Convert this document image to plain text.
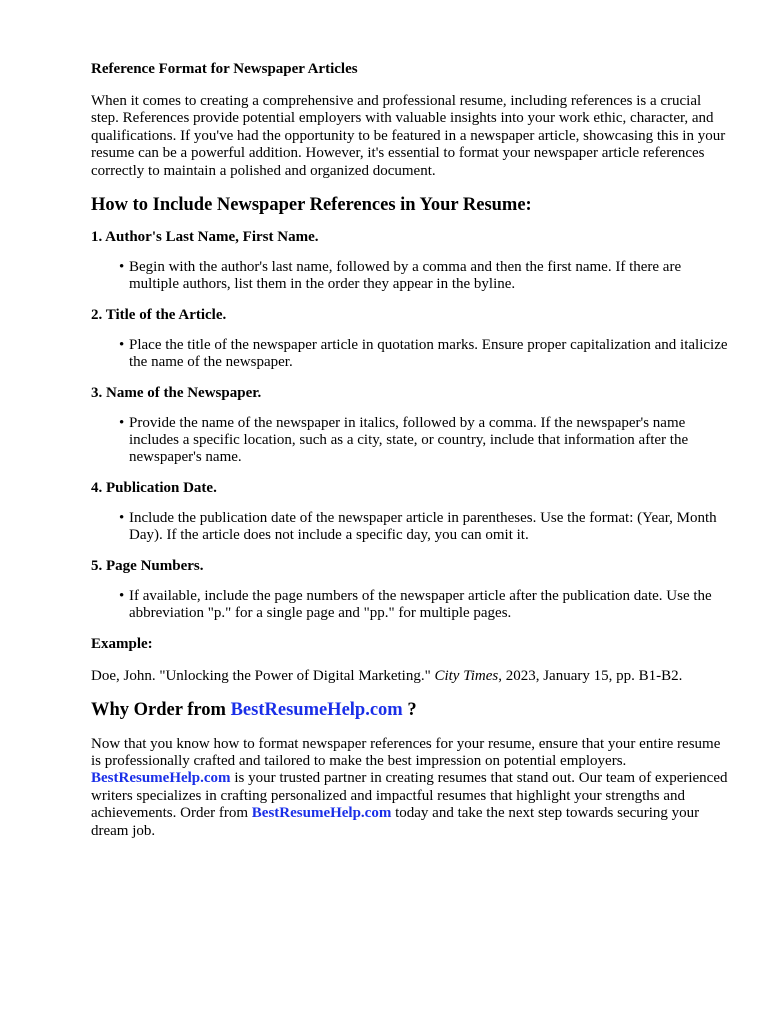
Reference Format for Newspaper Articles

When it comes to creating a comprehensive and professional resume, including references is a crucial step. References provide potential employers with valuable insights into your work ethic, character, and qualifications. If you've had the opportunity to be featured in a newspaper article, showcasing this in your resume can be a powerful addition. However, it's essential to format your newspaper article references correctly to maintain a polished and organized document.

How to Include Newspaper References in Your Resume:
1. Author's Last Name, First Name.
• Begin with the author's last name, followed by a comma and then the first name. If there are multiple authors, list them in the order they appear in the byline.
2. Title of the Article.
• Place the title of the newspaper article in quotation marks. Ensure proper capitalization and italicize the name of the newspaper.
3. Name of the Newspaper.
• Provide the name of the newspaper in italics, followed by a comma. If the newspaper's name includes a specific location, such as a city, state, or country, include that information after the newspaper's name.
4. Publication Date.
• Include the publication date of the newspaper article in parentheses. Use the format: (Year, Month Day). If the article does not include a specific day, you can omit it.
5. Page Numbers.
• If available, include the page numbers of the newspaper article after the publication date. Use the abbreviation "p." for a single page and "pp." for multiple pages.
Example:
Doe, John. "Unlocking the Power of Digital Marketing." City Times, 2023, January 15, pp. B1-B2.
Why Order from BestResumeHelp.com ?

Now that you know how to format newspaper references for your resume, ensure that your entire resume is professionally crafted and tailored to make the best impression on potential employers. BestResumeHelp.com is your trusted partner in creating resumes that stand out. Our team of experienced writers specializes in crafting personalized and impactful resumes that highlight your strengths and achievements. Order from BestResumeHelp.com today and take the next step towards securing your dream job.
